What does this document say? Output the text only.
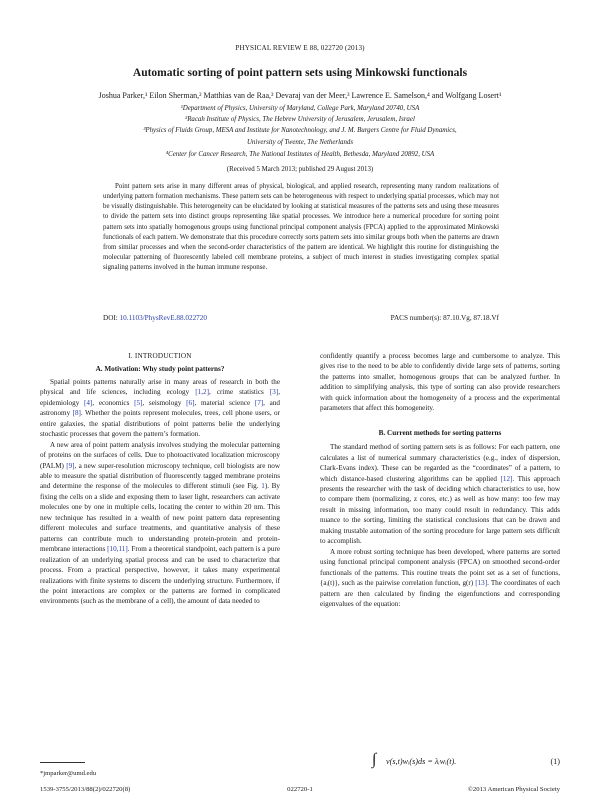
PHYSICAL REVIEW E 88, 022720 (2013)
Automatic sorting of point pattern sets using Minkowski functionals
Joshua Parker,¹ Eilon Sherman,² Matthias van de Raa,³ Devaraj van der Meer,³ Lawrence E. Samelson,⁴ and Wolfgang Losert¹
¹Department of Physics, University of Maryland, College Park, Maryland 20740, USA
²Racah Institute of Physics, The Hebrew University of Jerusalem, Jerusalem, Israel
³Physics of Fluids Group, MESA and Institute for Nanotechnology, and J. M. Burgers Centre for Fluid Dynamics,
University of Twente, The Netherlands
⁴Center for Cancer Research, The National Institutes of Health, Bethesda, Maryland 20892, USA
(Received 5 March 2013; published 29 August 2013)
Point pattern sets arise in many different areas of physical, biological, and applied research, representing many random realizations of underlying pattern formation mechanisms. These pattern sets can be heterogeneous with respect to underlying spatial processes, which may not be visually distinguishable. This heterogeneity can be elucidated by looking at statistical measures of the patterns sets and using these measures to divide the pattern sets into distinct groups representing like spatial processes. We introduce here a numerical procedure for sorting point pattern sets into spatially homogenous groups using functional principal component analysis (FPCA) applied to the approximated Minkowski functionals of each pattern. We demonstrate that this procedure correctly sorts pattern sets into similar groups both when the patterns are drawn from similar processes and when the second-order characteristics of the pattern are identical. We highlight this routine for distinguishing the molecular patterning of fluorescently labeled cell membrane proteins, a subject of much interest in studies investigating complex spatial signaling patterns involved in the human immune response.
DOI: 10.1103/PhysRevE.88.022720	PACS number(s): 87.10.Vg, 87.18.Vf
I. INTRODUCTION
A. Motivation: Why study point patterns?

Spatial points patterns naturally arise in many areas of research in both the physical and life sciences, including ecology [1,2], crime statistics [3], epidemiology [4], economics [5], seismology [6], material science [7], and astronomy [8]. Whether the points represent molecules, trees, cell phone users, or entire galaxies, the spatial distributions of point patterns belie the underlying stochastic processes that govern the pattern’s formation.

A new area of point pattern analysis involves studying the molecular patterning of proteins on the surfaces of cells. Due to photoactivated localization microscopy (PALM) [9], a new super-resolution microscopy technique, cell biologists are now able to measure the spatial distribution of fluorescently tagged membrane proteins and determine the response of the molecules to different stimuli (see Fig. 1). By fixing the cells on a slide and exposing them to laser light, researchers can activate molecules one by one in multiple cells, locating the center to within 20 nm. This new technique has resulted in a wealth of new point pattern data representing different molecules and surface treatments, and quantitative analysis of these patterns can contribute much to understanding protein-protein and protein-membrane interactions [10,11]. From a theoretical standpoint, each pattern is a pure realization of an underlying spatial process and can be used to characterize that process. From a practical perspective, however, it takes many experimental realizations with finite systems to discern the underlying structure. Furthermore, if the point interactions are complex or the patterns are formed in complicated environments (such as the membrane of a cell), the amount of data needed to

confidently quantify a process becomes large and cumbersome to analyze. This gives rise to the need to be able to confidently divide large sets of patterns, sorting the patterns into smaller, homogenous groups that can be analyzed further. In addition to simplifying analysis, this type of sorting can also provide researchers with quick information about the homogeneity of a process and the experimental parameters that affect this homogeneity.

B. Current methods for sorting patterns

The standard method of sorting pattern sets is as follows: For each pattern, one calculates a list of numerical summary characteristics (e.g., index of dispersion, Clark-Evans index). These can be regarded as the “coordinates” of a pattern, to which distance-based clustering algorithms can be applied [12]. This approach presents the researcher with the task of deciding which characteristics to use, how to compare them (normalizing, z cores, etc.) as well as how many: too few may result in missing information, too many could result in redundancy. This adds nuance to the sorting, limiting the statistical conclusions that can be drawn and making trustable automation of the sorting procedure for large pattern sets difficult to accomplish.

A more robust sorting technique has been developed, where patterns are sorted using functional principal component analysis (FPCA) on smoothed second-order functionals of the patterns. This routine treats the point set as a set of functions, {aᵢ(t)}, such as the pairwise correlation function, g(r) [13]. The coordinates of each pattern are then calculated by finding the eigenfunctions and corresponding eigenvalues of the equation:

∫ v(s,t)wᵢ(s)ds = λᵢwᵢ(t).	(1)
*jmparker@umd.edu
1539-3755/2013/88(2)/022720(8)	022720-1	©2013 American Physical Society
